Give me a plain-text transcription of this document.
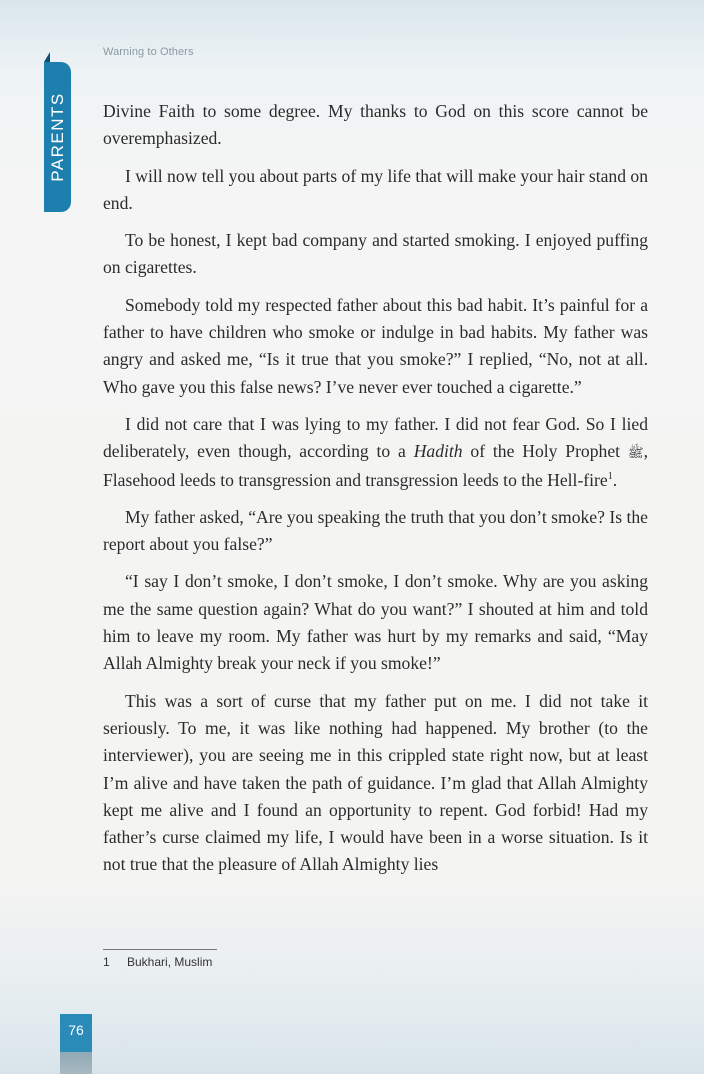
Warning to Others
PARENTS Divine Faith to some degree. My thanks to God on this score cannot be overemphasized.

I will now tell you about parts of my life that will make your hair stand on end.

To be honest, I kept bad company and started smoking. I enjoyed puffing on cigarettes.

Somebody told my respected father about this bad habit. It’s painful for a father to have children who smoke or indulge in bad habits. My father was angry and asked me, “Is it true that you smoke?” I replied, “No, not at all. Who gave you this false news? I’ve never ever touched a cigarette.”

I did not care that I was lying to my father. I did not fear God. So I lied deliberately, even though, according to a Hadith of the Holy Prophet ﷺ, Flasehood leeds to transgression and transgression leeds to the Hell-fire$^1$.

My father asked, “Are you speaking the truth that you don’t smoke? Is the report about you false?”

“I say I don’t smoke, I don’t smoke, I don’t smoke. Why are you asking me the same question again? What do you want?” I shouted at him and told him to leave my room. My father was hurt by my remarks and said, “May Allah Almighty break your neck if you smoke!”

This was a sort of curse that my father put on me. I did not take it seriously. To me, it was like nothing had happened. My brother (to the interviewer), you are seeing me in this crippled state right now, but at least I’m alive and have taken the path of guidance. I’m glad that Allah Almighty kept me alive and I found an opportunity to repent. God forbid! Had my father’s curse claimed my life, I would have been in a worse situation. Is it not true that the pleasure of Allah Almighty lies

1 Bukhari, Muslim
76
